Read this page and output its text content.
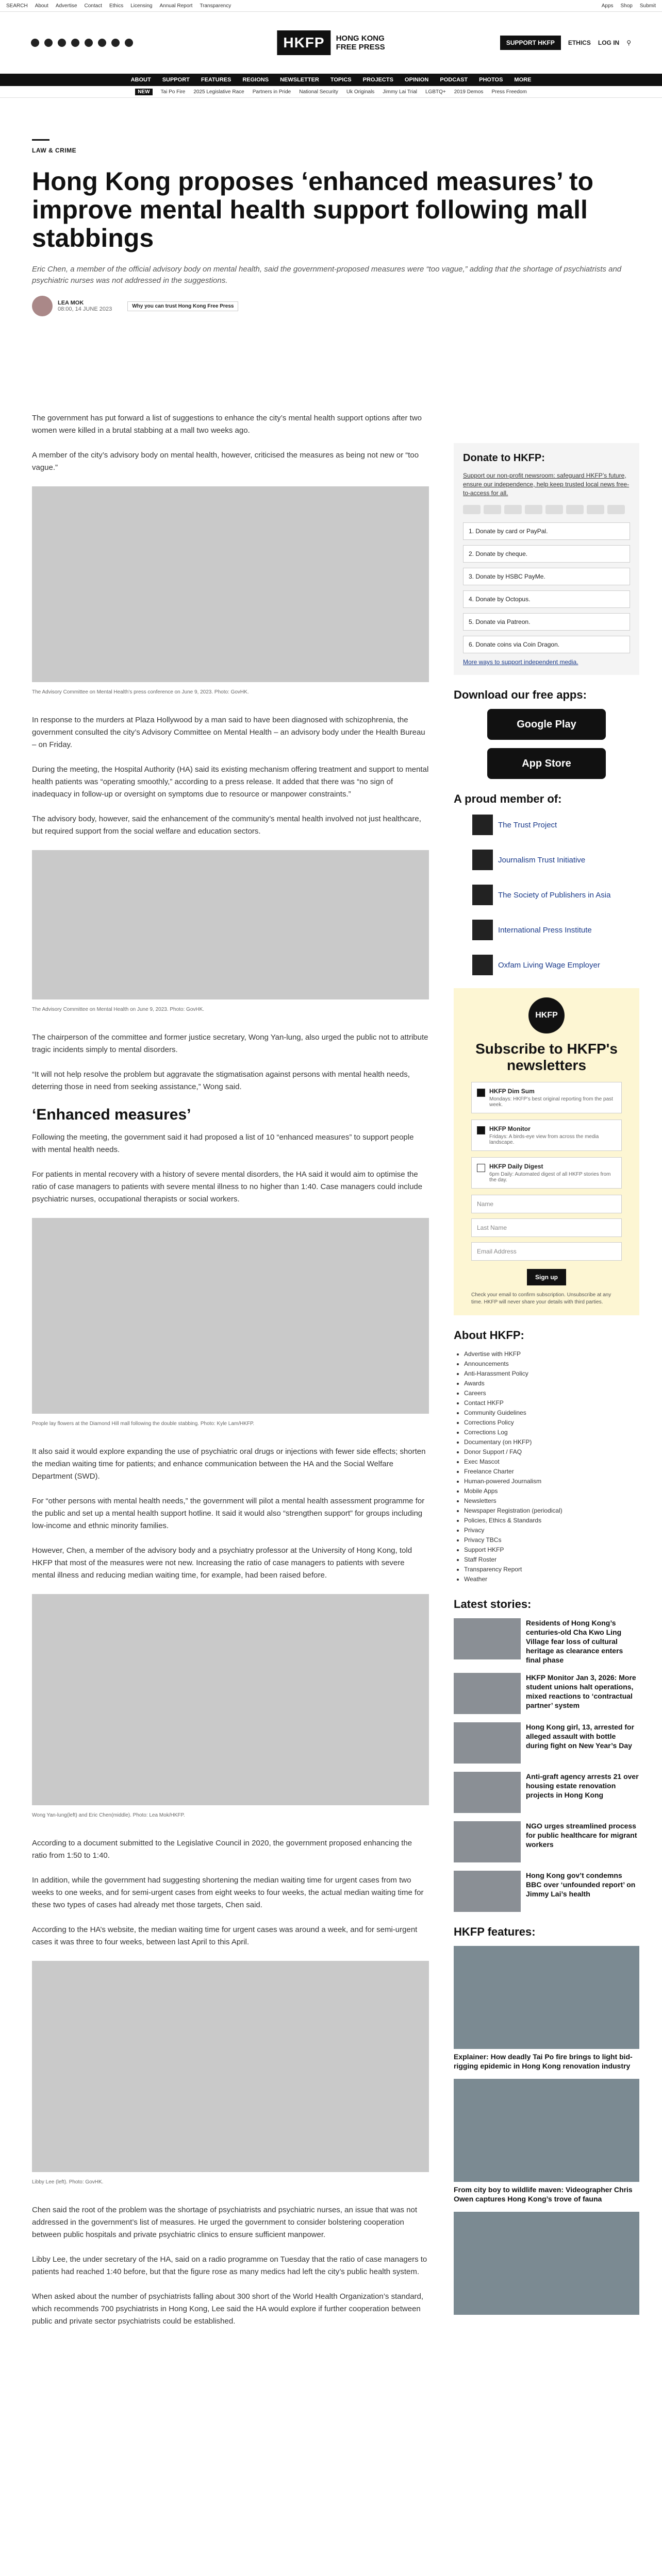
SEARCH About Advertise Contact Ethics Licensing Annual Report Transparency	Apps Shop Submit
HKFP	HONG KONG
FREE PRESS	SUPPORT HKFP	ETHICS LOG IN ⚲
ABOUT SUPPORT FEATURES REGIONS NEWSLETTER TOPICS PROJECTS OPINION PODCAST PHOTOS MORE
NEW	Tai Po Fire 2025 Legislative Race Partners in Pride National Security Uk Originals Jimmy Lai Trial LGBTQ+ 2019 Demos Press Freedom
LAW & CRIME
Hong Kong proposes ‘enhanced measures’ to improve mental health support following mall stabbings

Eric Chen, a member of the official advisory body on mental health, said the government-proposed measures were “too vague,” adding that the shortage of psychiatrists and psychiatric nurses was not addressed in the suggestions.

LEA MOK
08:00, 14 JUNE 2023	Why you can trust Hong Kong Free Press

The government has put forward a list of suggestions to enhance the city’s mental health support options after two women were killed in a brutal stabbing at a mall two weeks ago.

A member of the city’s advisory body on mental health, however, criticised the measures as being not new or “too vague.”

The Advisory Committee on Mental Health’s press conference on June 9, 2023. Photo: GovHK.

In response to the murders at Plaza Hollywood by a man said to have been diagnosed with schizophrenia, the government consulted the city’s Advisory Committee on Mental Health – an advisory body under the Health Bureau – on Friday.

During the meeting, the Hospital Authority (HA) said its existing mechanism offering treatment and support to mental health patients was “operating smoothly,” according to a press release. It added that there was “no sign of inadequacy in follow-up or oversight on symptoms due to resource or manpower constraints.”

The advisory body, however, said the enhancement of the community’s mental health involved not just healthcare, but required support from the social welfare and education sectors.

The Advisory Committee on Mental Health on June 9, 2023. Photo: GovHK.

The chairperson of the committee and former justice secretary, Wong Yan-lung, also urged the public not to attribute tragic incidents simply to mental disorders.

“It will not help resolve the problem but aggravate the stigmatisation against persons with mental health needs, deterring those in need from seeking assistance,” Wong said.

‘Enhanced measures’

Following the meeting, the government said it had proposed a list of 10 “enhanced measures” to support people with mental health needs.

For patients in mental recovery with a history of severe mental disorders, the HA said it would aim to optimise the ratio of case managers to patients with severe mental illness to no higher than 1:40. Case managers could include psychiatric nurses, occupational therapists or social workers.

People lay flowers at the Diamond Hill mall following the double stabbing. Photo: Kyle Lam/HKFP.

It also said it would explore expanding the use of psychiatric oral drugs or injections with fewer side effects; shorten the median waiting time for patients; and enhance communication between the HA and the Social Welfare Department (SWD).

For “other persons with mental health needs,” the government will pilot a mental health assessment programme for the public and set up a mental health support hotline. It said it would also “strengthen support” for groups including low-income and ethnic minority families.

However, Chen, a member of the advisory body and a psychiatry professor at the University of Hong Kong, told HKFP that most of the measures were not new. Increasing the ratio of case managers to patients with severe mental illness and reducing median waiting time, for example, had been raised before.

Wong Yan-lung(left) and Eric Chen(middle). Photo: Lea Mok/HKFP.

According to a document submitted to the Legislative Council in 2020, the government proposed enhancing the ratio from 1:50 to 1:40.

In addition, while the government had suggesting shortening the median waiting time for urgent cases from two weeks to one weeks, and for semi-urgent cases from eight weeks to four weeks, the actual median waiting time for these two types of cases had already met those targets, Chen said.

According to the HA’s website, the median waiting time for urgent cases was around a week, and for semi-urgent cases it was three to four weeks, between last April to this April.

Libby Lee (left). Photo: GovHK.

Chen said the root of the problem was the shortage of psychiatrists and psychiatric nurses, an issue that was not addressed in the government’s list of measures. He urged the government to consider bolstering cooperation between public hospitals and private psychiatric clinics to ensure sufficient manpower.

Libby Lee, the under secretary of the HA, said on a radio programme on Tuesday that the ratio of case managers to patients had reached 1:40 before, but that the figure rose as many medics had left the city’s public health system.

When asked about the number of psychiatrists falling about 300 short of the World Health Organization’s standard, which recommends 700 psychiatrists in Hong Kong, Lee said the HA would explore if further cooperation between public and private sector psychiatrists could be established.

Donate to HKFP:
Support our non-profit newsroom: safeguard HKFP’s future, ensure our independence, help keep trusted local news free-to-access for all.
1. Donate by card or PayPal.
2. Donate by cheque.
3. Donate by HSBC PayMe.
4. Donate by Octopus.
5. Donate via Patreon.
6. Donate coins via Coin Dragon.
More ways to support independent media.
Download our free apps:
Google Play
App Store
A proud member of:
The Trust Project
Journalism Trust Initiative
The Society of Publishers in Asia
International Press Institute
Oxfam Living Wage Employer
HKFP
Subscribe to HKFP's newsletters
HKFP Dim Sum
Mondays: HKFP’s best original reporting from the past week.
HKFP Monitor
Fridays: A birds-eye view from across the media landscape.
HKFP Daily Digest
6pm Daily: Automated digest of all HKFP stories from the day.
Name
Last Name
Email Address
Sign up
Check your email to confirm subscription. Unsubscribe at any time. HKFP will never share your details with third parties.
About HKFP:
• Advertise with HKFP
• Announcements
• Anti-Harassment Policy
• Awards
• Careers
• Contact HKFP
• Community Guidelines
• Corrections Policy
• Corrections Log
• Documentary (on HKFP)
• Donor Support / FAQ
• Exec Mascot
• Freelance Charter
• Human-powered Journalism
• Mobile Apps
• Newsletters
• Newspaper Registration (periodical)
• Policies, Ethics & Standards
• Privacy
• Privacy TBCs
• Support HKFP
• Staff Roster
• Transparency Report
• Weather
Latest stories:
Residents of Hong Kong’s centuries-old Cha Kwo Ling Village fear loss of cultural heritage as clearance enters final phase
HKFP Monitor Jan 3, 2026: More student unions halt operations, mixed reactions to ‘contractual partner’ system
Hong Kong girl, 13, arrested for alleged assault with bottle during fight on New Year’s Day
Anti-graft agency arrests 21 over housing estate renovation projects in Hong Kong
NGO urges streamlined process for public healthcare for migrant workers
Hong Kong gov’t condemns BBC over ‘unfounded report’ on Jimmy Lai’s health
HKFP features:
Explainer: How deadly Tai Po fire brings to light bid-rigging epidemic in Hong Kong renovation industry
From city boy to wildlife maven: Videographer Chris Owen captures Hong Kong’s trove of fauna
